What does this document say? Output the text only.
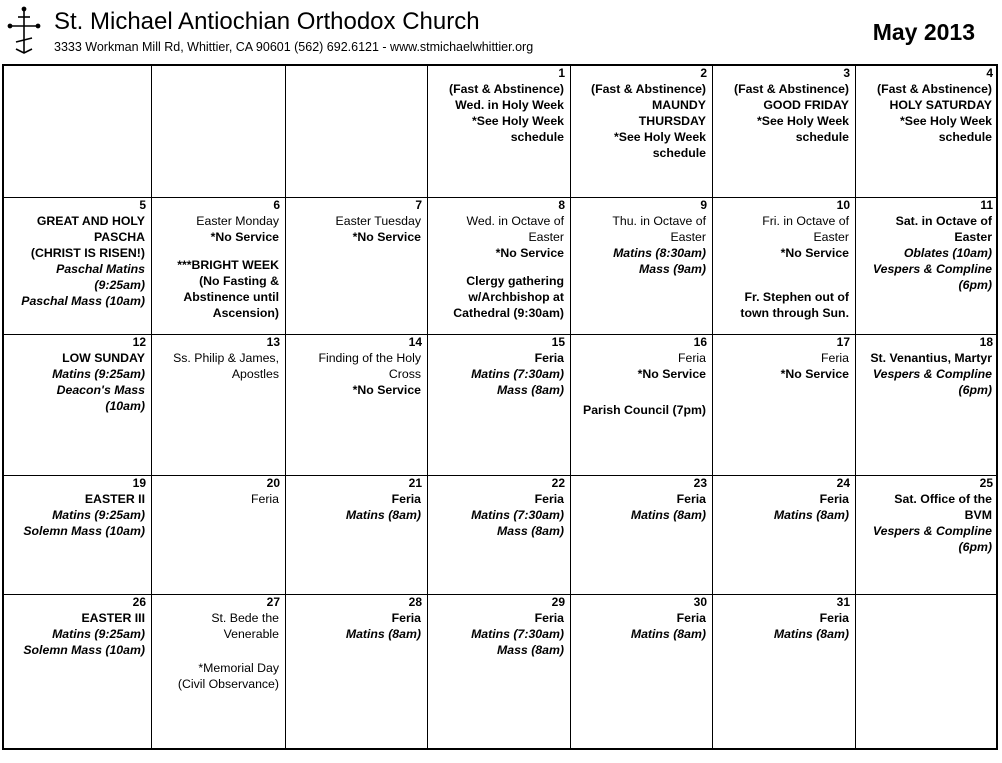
St. Michael Antiochian Orthodox Church
3333 Workman Mill Rd, Whittier, CA 90601 (562) 692.6121 - www.stmichaelwhittier.org
May 2013
1
(Fast & Abstinence)
Wed. in Holy Week
*See Holy Week
schedule
2
(Fast & Abstinence)
MAUNDY
THURSDAY
*See Holy Week
schedule
3
(Fast & Abstinence)
GOOD FRIDAY
*See Holy Week
schedule
4
(Fast & Abstinence)
HOLY SATURDAY
*See Holy Week
schedule
5
GREAT AND HOLY
PASCHA
(CHRIST IS RISEN!)
Paschal Matins
(9:25am)
Paschal Mass (10am)
6
Easter Monday
*No Service
***BRIGHT WEEK
(No Fasting &
Abstinence until
Ascension)
7
Easter Tuesday
*No Service
8
Wed. in Octave of
Easter
*No Service
Clergy gathering
w/Archbishop at
Cathedral (9:30am)
9
Thu. in Octave of
Easter
Matins (8:30am)
Mass (9am)
10
Fri. in Octave of
Easter
*No Service
Fr. Stephen out of
town through Sun.
11
Sat. in Octave of
Easter
Oblates (10am)
Vespers & Compline
(6pm)
12
LOW SUNDAY
Matins (9:25am)
Deacon's Mass
(10am)
13
Ss. Philip & James,
Apostles
14
Finding of the Holy
Cross
*No Service
15
Feria
Matins (7:30am)
Mass (8am)
16
Feria
*No Service
Parish Council (7pm)
17
Feria
*No Service
18
St. Venantius, Martyr
Vespers & Compline
(6pm)
19
EASTER II
Matins (9:25am)
Solemn Mass (10am)
20
Feria
21
Feria
Matins (8am)
22
Feria
Matins (7:30am)
Mass (8am)
23
Feria
Matins (8am)
24
Feria
Matins (8am)
25
Sat. Office of the
BVM
Vespers & Compline
(6pm)
26
EASTER III
Matins (9:25am)
Solemn Mass (10am)
27
St. Bede the
Venerable
*Memorial Day
(Civil Observance)
28
Feria
Matins (8am)
29
Feria
Matins (7:30am)
Mass (8am)
30
Feria
Matins (8am)
31
Feria
Matins (8am)
